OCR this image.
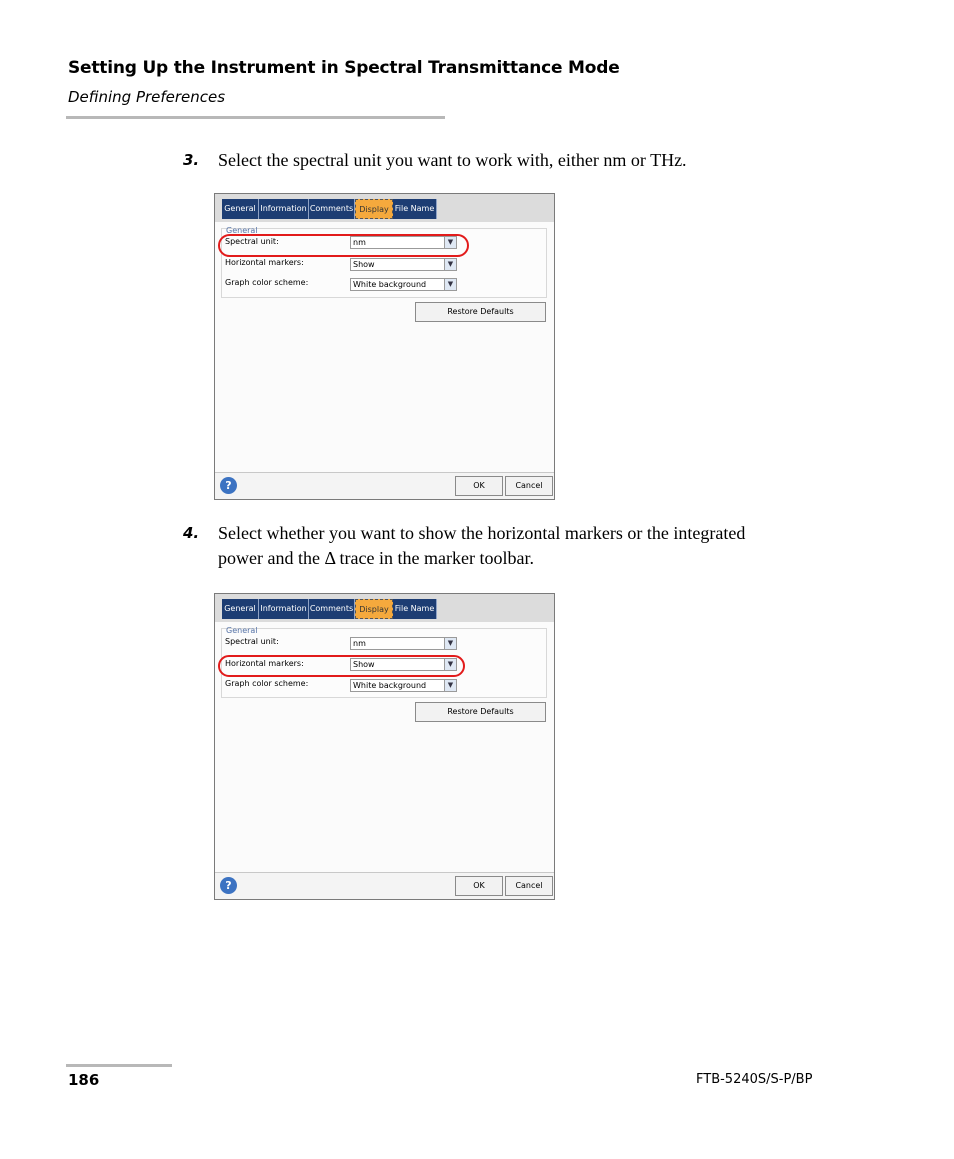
Setting Up the Instrument in Spectral Transmittance Mode
Defining Preferences
3. Select the spectral unit you want to work with, either nm or THz.
General Information Comments Display File Name
General
Spectral unit:	nm	▼
Horizontal markers:	Show	▼
Graph color scheme:	White background	▼
Restore Defaults
?	OK	Cancel
4. Select whether you want to show the horizontal markers or the integrated power and the Δ trace in the marker toolbar.
General Information Comments Display File Name
General
Spectral unit:	nm	▼
Horizontal markers:	Show	▼
Graph color scheme:	White background	▼
Restore Defaults
?	OK	Cancel
186	FTB-5240S/S-P/BP
